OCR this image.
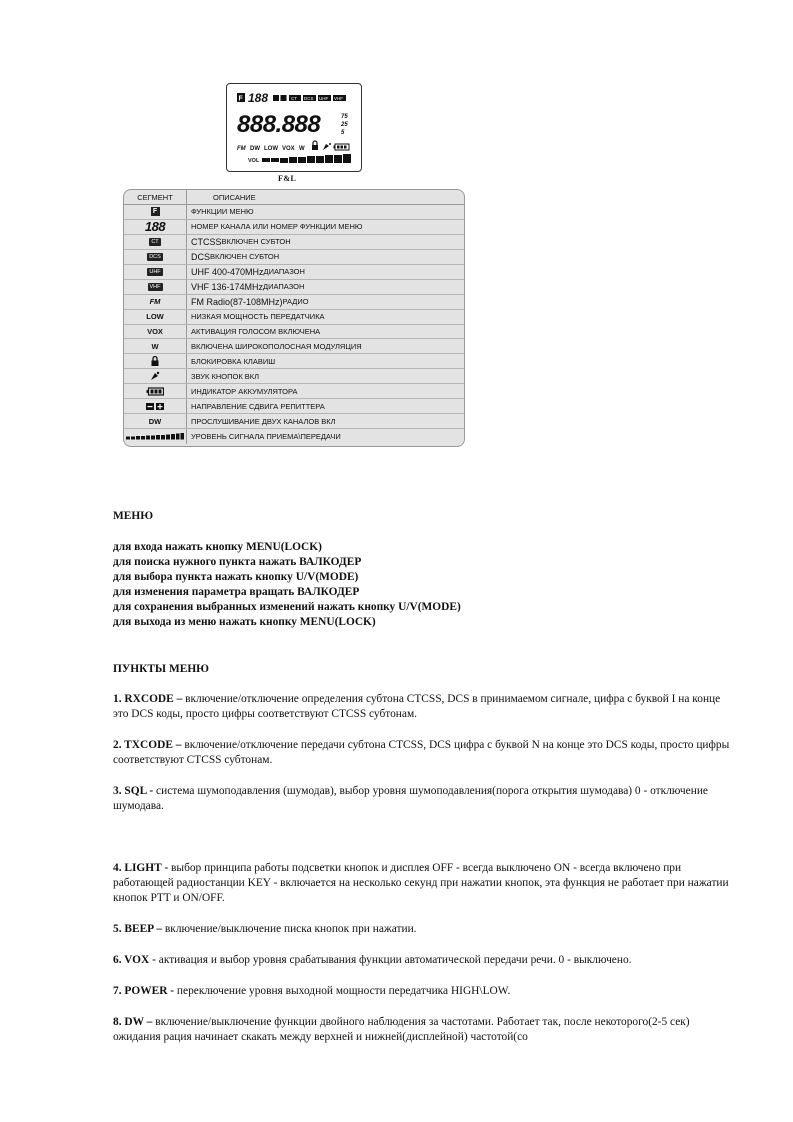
F 188	CT DCS UHF VHF
888.888	75
25
5
FM DW LOW VOX W
VOL
F&L
СЕГМЕНТ	ОПИСАНИЕ
F	ФУНКЦИИ МЕНЮ
188	НОМЕР КАНАЛА ИЛИ НОМЕР ФУНКЦИИ МЕНЮ
CT	CTCSS ВКЛЮЧЕН СУБТОН
DCS	DCS ВКЛЮЧЕН СУБТОН
UHF	UHF 400-470MHz ДИАПАЗОН
VHF	VHF 136-174MHz ДИАПАЗОН
FM	FM Radio(87-108MHz) РАДИО
LOW	НИЗКАЯ МОЩНОСТЬ ПЕРЕДАТЧИКА
VOX	АКТИВАЦИЯ ГОЛОСОМ ВКЛЮЧЕНА
W	ВКЛЮЧЕНА ШИРОКОПОЛОСНАЯ МОДУЛЯЦИЯ
БЛОКИРОВКА КЛАВИШ
ЗВУК КНОПОК ВКЛ
ИНДИКАТОР АККУМУЛЯТОРА
НАПРАВЛЕНИЕ СДВИГА РЕПИТТЕРА
DW	ПРОСЛУШИВАНИЕ ДВУХ КАНАЛОВ ВКЛ
УРОВЕНЬ СИГНАЛА ПРИЕМА\ПЕРЕДАЧИ
МЕНЮ
для входа нажать кнопку MENU(LOCK)
для поиска нужного пункта нажать ВАЛКОДЕР
для выбора пункта нажать кнопку U/V(MODE)
для изменения параметра вращать ВАЛКОДЕР
для сохранения выбранных изменений нажать кнопку U/V(MODE)
для выхода из меню нажать кнопку MENU(LOCK)
ПУНКТЫ МЕНЮ
1. RXCODE – включение/отключение определения субтона CTCSS, DCS в принимаемом сигнале, цифра с буквой I на конце это DCS коды, просто цифры соответствуют CTCSS субтонам.
2. TXCODE – включение/отключение передачи субтона CTCSS, DCS цифра с буквой N на конце это DCS коды, просто цифры соответствуют CTCSS субтонам.
3. SQL - система шумоподавления (шумодав), выбор уровня шумоподавления(порога открытия шумодава) 0 - отключение шумодава.
4. LIGHT - выбор принципа работы подсветки кнопок и дисплея OFF - всегда выключено ON - всегда включено при работающей радиостанции KEY - включается на несколько секунд при нажатии кнопок, эта функция не работает при нажатии кнопок PTT и ON/OFF.
5. BEEP – включение/выключение писка кнопок при нажатии.
6. VOX - активация и выбор уровня срабатывания функции автоматической передачи речи. 0 - выключено.
7. POWER - переключение уровня выходной мощности передатчика HIGH\LOW.
8. DW – включение/выключение функции двойного наблюдения за частотами. Работает так, после некоторого(2-5 сек) ожидания рация начинает скакать между верхней и нижней(дисплейной) частотой(со
